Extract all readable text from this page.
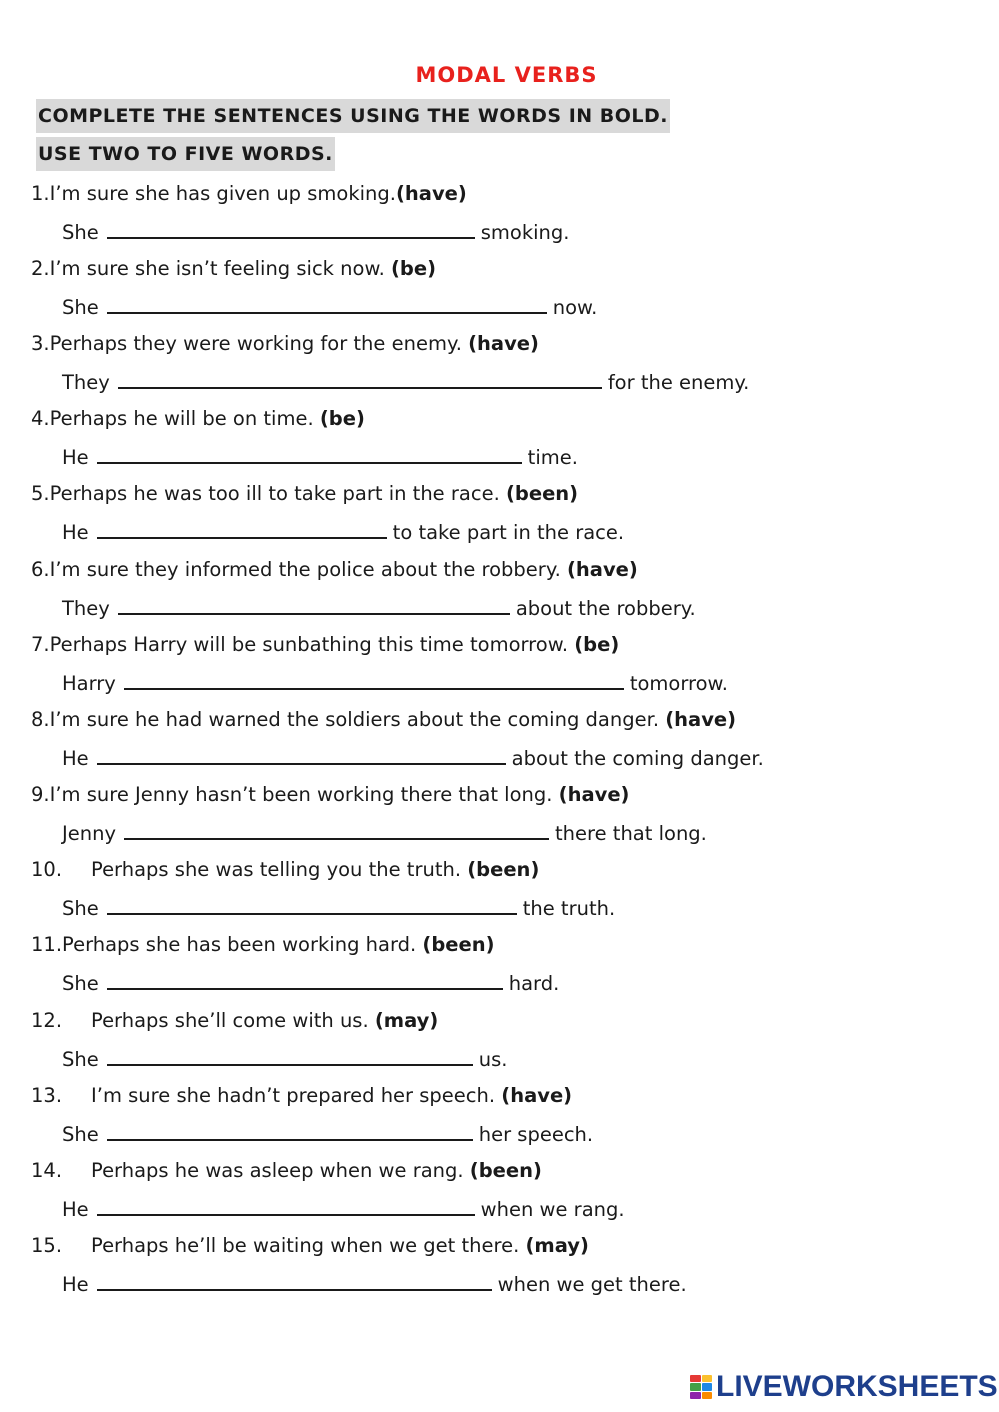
MODAL VERBS
COMPLETE THE SENTENCES USING THE WORDS IN BOLD.
USE TWO TO FIVE WORDS.
1.I’m sure she has given up smoking.(have)
She	smoking.
2.I’m sure she isn’t feeling sick now. (be)
She	now.
3.Perhaps they were working for the enemy. (have)
They	for the enemy.
4.Perhaps he will be on time. (be)
He	time.
5.Perhaps he was too ill to take part in the race. (been)
He	to take part in the race.
6.I’m sure they informed the police about the robbery. (have)
They	about the robbery.
7.Perhaps Harry will be sunbathing this time tomorrow. (be)
Harry	tomorrow.
8.I’m sure he had warned the soldiers about the coming danger. (have)
He	about the coming danger.
9.I’m sure Jenny hasn’t been working there that long. (have)
Jenny	there that long.
10. Perhaps she was telling you the truth. (been)
She	the truth.
11.Perhaps she has been working hard. (been)
She	hard.
12. Perhaps she’ll come with us. (may)
She	us.
13. I’m sure she hadn’t prepared her speech. (have)
She	her speech.
14. Perhaps he was asleep when we rang. (been)
He	when we rang.
15. Perhaps he’ll be waiting when we get there. (may)
He	when we get there.
LIVEWORKSHEETS
